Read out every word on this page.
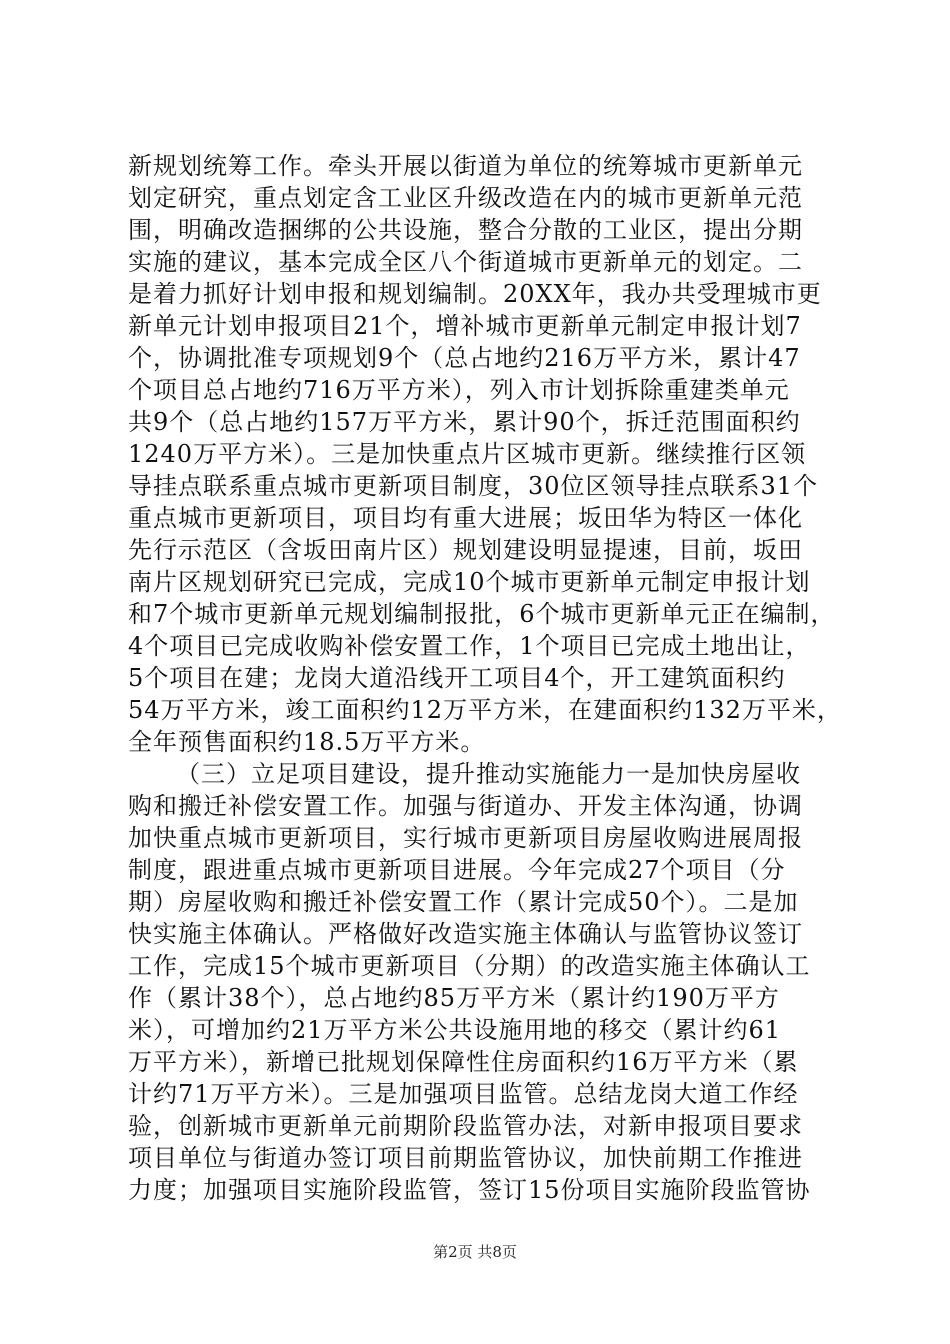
新规划统筹工作。牵头开展以街道为单位的统筹城市更新单元
划定研究，重点划定含工业区升级改造在内的城市更新单元范
围，明确改造捆绑的公共设施，整合分散的工业区，提出分期
实施的建议，基本完成全区八个街道城市更新单元的划定。二
是着力抓好计划申报和规划编制。20XX年，我办共受理城市更
新单元计划申报项目21个，增补城市更新单元制定申报计划7
个，协调批准专项规划9个（总占地约216万平方米，累计47
个项目总占地约716万平方米），列入市计划拆除重建类单元
共9个（总占地约157万平方米，累计90个，拆迁范围面积约
1240万平方米）。三是加快重点片区城市更新。继续推行区领
导挂点联系重点城市更新项目制度，30位区领导挂点联系31个
重点城市更新项目，项目均有重大进展；坂田华为特区一体化
先行示范区（含坂田南片区）规划建设明显提速，目前，坂田
南片区规划研究已完成，完成10个城市更新单元制定申报计划
和7个城市更新单元规划编制报批，6个城市更新单元正在编制，
4个项目已完成收购补偿安置工作，1个项目已完成土地出让，
5个项目在建；龙岗大道沿线开工项目4个，开工建筑面积约
54万平方米，竣工面积约12万平方米，在建面积约132万平米，
全年预售面积约18.5万平方米。
（三）立足项目建设，提升推动实施能力一是加快房屋收
购和搬迁补偿安置工作。加强与街道办、开发主体沟通，协调
加快重点城市更新项目，实行城市更新项目房屋收购进展周报
制度，跟进重点城市更新项目进展。今年完成27个项目（分
期）房屋收购和搬迁补偿安置工作（累计完成50个）。二是加
快实施主体确认。严格做好改造实施主体确认与监管协议签订
工作，完成15个城市更新项目（分期）的改造实施主体确认工
作（累计38个），总占地约85万平方米（累计约190万平方
米），可增加约21万平方米公共设施用地的移交（累计约61
万平方米），新增已批规划保障性住房面积约16万平方米（累
计约71万平方米）。三是加强项目监管。总结龙岗大道工作经
验，创新城市更新单元前期阶段监管办法，对新申报项目要求
项目单位与街道办签订项目前期监管协议，加快前期工作推进
力度；加强项目实施阶段监管，签订15份项目实施阶段监管协
第2页 共8页
